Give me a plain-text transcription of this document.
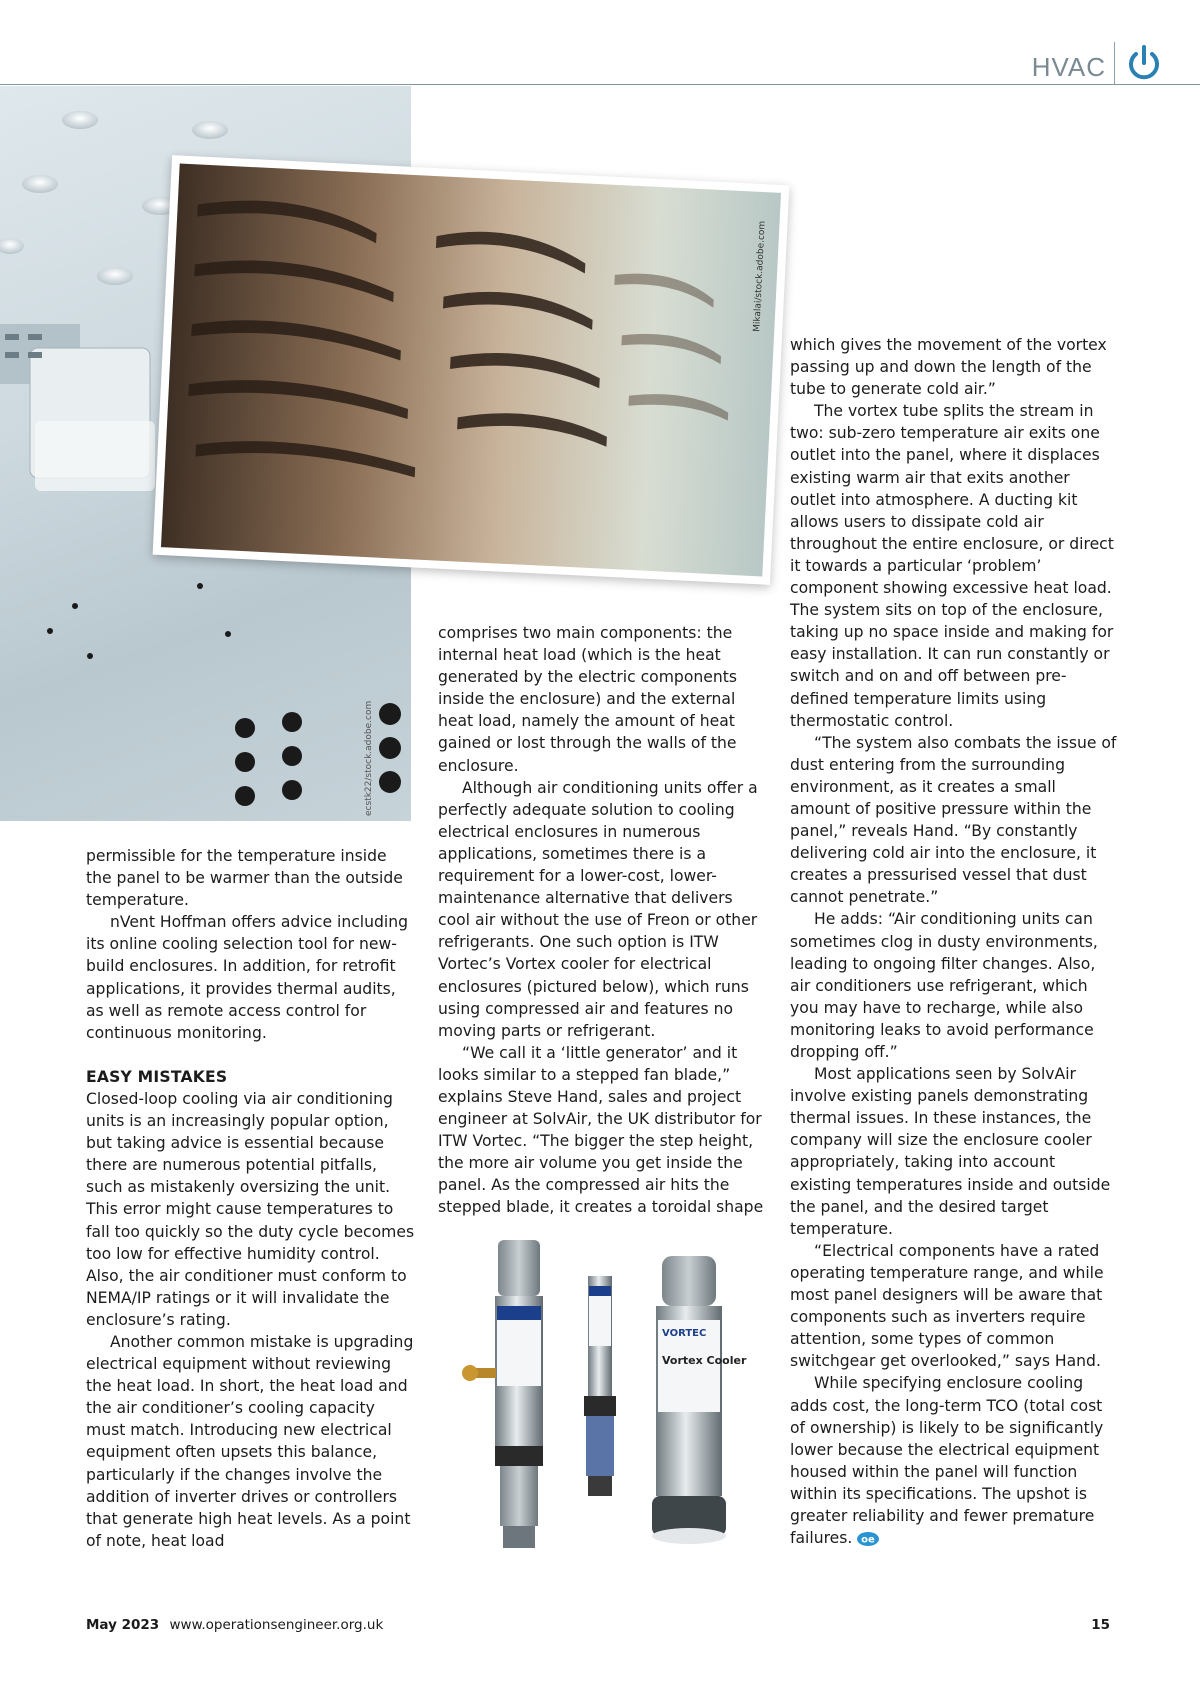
HVAC
ecstk22/stock.adobe.com
Mikalai/stock.adobe.com

permissible for the temperature inside the panel to be warmer than the outside temperature.

nVent Hoffman offers advice including its online cooling selection tool for new-build enclosures. In addition, for retrofit applications, it provides thermal audits, as well as remote access control for continuous monitoring.

EASY MISTAKES

Closed-loop cooling via air conditioning units is an increasingly popular option, but taking advice is essential because there are numerous potential pitfalls, such as mistakenly oversizing the unit. This error might cause temperatures to fall too quickly so the duty cycle becomes too low for effective humidity control. Also, the air conditioner must conform to NEMA/IP ratings or it will invalidate the enclosure’s rating.

Another common mistake is upgrading electrical equipment without reviewing the heat load. In short, the heat load and the air conditioner’s cooling capacity must match. Introducing new electrical equipment often upsets this balance, particularly if the changes involve the addition of inverter drives or controllers that generate high heat levels. As a point of note, heat load

comprises two main components: the internal heat load (which is the heat generated by the electric components inside the enclosure) and the external heat load, namely the amount of heat gained or lost through the walls of the enclosure.

Although air conditioning units offer a perfectly adequate solution to cooling electrical enclosures in numerous applications, sometimes there is a requirement for a lower-cost, lower-maintenance alternative that delivers cool air without the use of Freon or other refrigerants. One such option is ITW Vortec’s Vortex cooler for electrical enclosures (pictured below), which runs using compressed air and features no moving parts or refrigerant.

“We call it a ‘little generator’ and it looks similar to a stepped fan blade,” explains Steve Hand, sales and project engineer at SolvAir, the UK distributor for ITW Vortec. “The bigger the step height, the more air volume you get inside the panel. As the compressed air hits the stepped blade, it creates a toroidal shape

VORTEC
Vortex Cooler

which gives the movement of the vortex passing up and down the length of the tube to generate cold air.”

The vortex tube splits the stream in two: sub-zero temperature air exits one outlet into the panel, where it displaces existing warm air that exits another outlet into atmosphere. A ducting kit allows users to dissipate cold air throughout the entire enclosure, or direct it towards a particular ‘problem’ component showing excessive heat load. The system sits on top of the enclosure, taking up no space inside and making for easy installation. It can run constantly or switch and on and off between pre-defined temperature limits using thermostatic control.

“The system also combats the issue of dust entering from the surrounding environment, as it creates a small amount of positive pressure within the panel,” reveals Hand. “By constantly delivering cold air into the enclosure, it creates a pressurised vessel that dust cannot penetrate.”

He adds: “Air conditioning units can sometimes clog in dusty environments, leading to ongoing filter changes. Also, air conditioners use refrigerant, which you may have to recharge, while also monitoring leaks to avoid performance dropping off.”

Most applications seen by SolvAir involve existing panels demonstrating thermal issues. In these instances, the company will size the enclosure cooler appropriately, taking into account existing temperatures inside and outside the panel, and the desired target temperature.

“Electrical components have a rated operating temperature range, and while most panel designers will be aware that components such as inverters require attention, some types of common switchgear get overlooked,” says Hand.

While specifying enclosure cooling adds cost, the long-term TCO (total cost of ownership) is likely to be significantly lower because the electrical equipment housed within the panel will function within its specifications. The upshot is greater reliability and fewer premature failures. oe

May 2023 www.operationsengineer.org.uk	15
